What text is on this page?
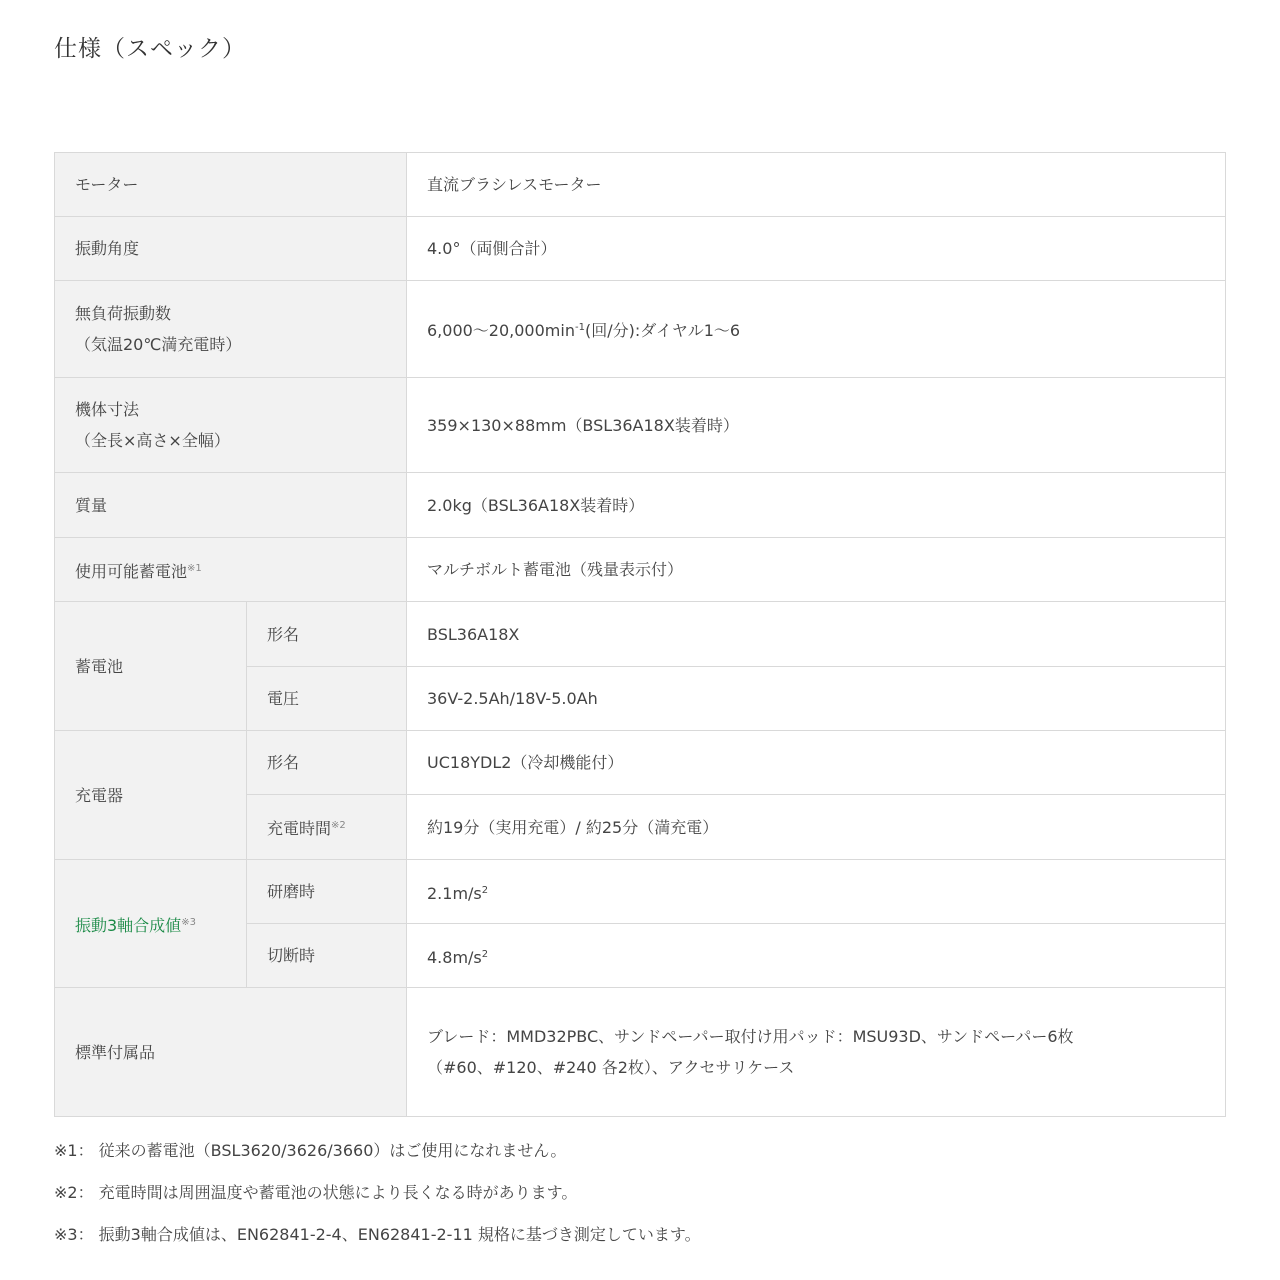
仕様（スペック）
モーター		直流ブラシレスモーター
振動角度		4.0°（両側合計）

無負荷振動数
（気温20℃満充電時）		$6,000\sim 20,000\min^{-1}$(回/分):ダイヤル1～6

機体寸法
（全長×高さ×全幅）		359×130×88mm（BSL36A18X装着時）
質量		2.0kg（BSL36A18X装着時）
使用可能蓄電池$^{※1}$		マルチボルト蓄電池（残量表示付）
蓄電池	形名	BSL36A18X
	電圧	36V-2.5Ah/18V-5.0Ah
充電器	形名	UC18YDL2（冷却機能付）
	充電時間$^{※2}$	約19分（実用充電）/ 約25分（満充電）
振動3軸合成値$^{※3}$	研磨時	$2.1m/s^2$
	切断時	$4.8m/s^2$
標準付属品		ブレード：MMD32PBC、サンドペーパー取付け用パッド：MSU93D、サンドペーパー6枚
（#60、#120、#240 各2枚）、アクセサリケース
※1： 従来の蓄電池（BSL3620/3626/3660）はご使用になれません。
※2： 充電時間は周囲温度や蓄電池の状態により長くなる時があります。
※3： 振動3軸合成値は、EN62841-2-4、EN62841-2-11 規格に基づき測定しています。
